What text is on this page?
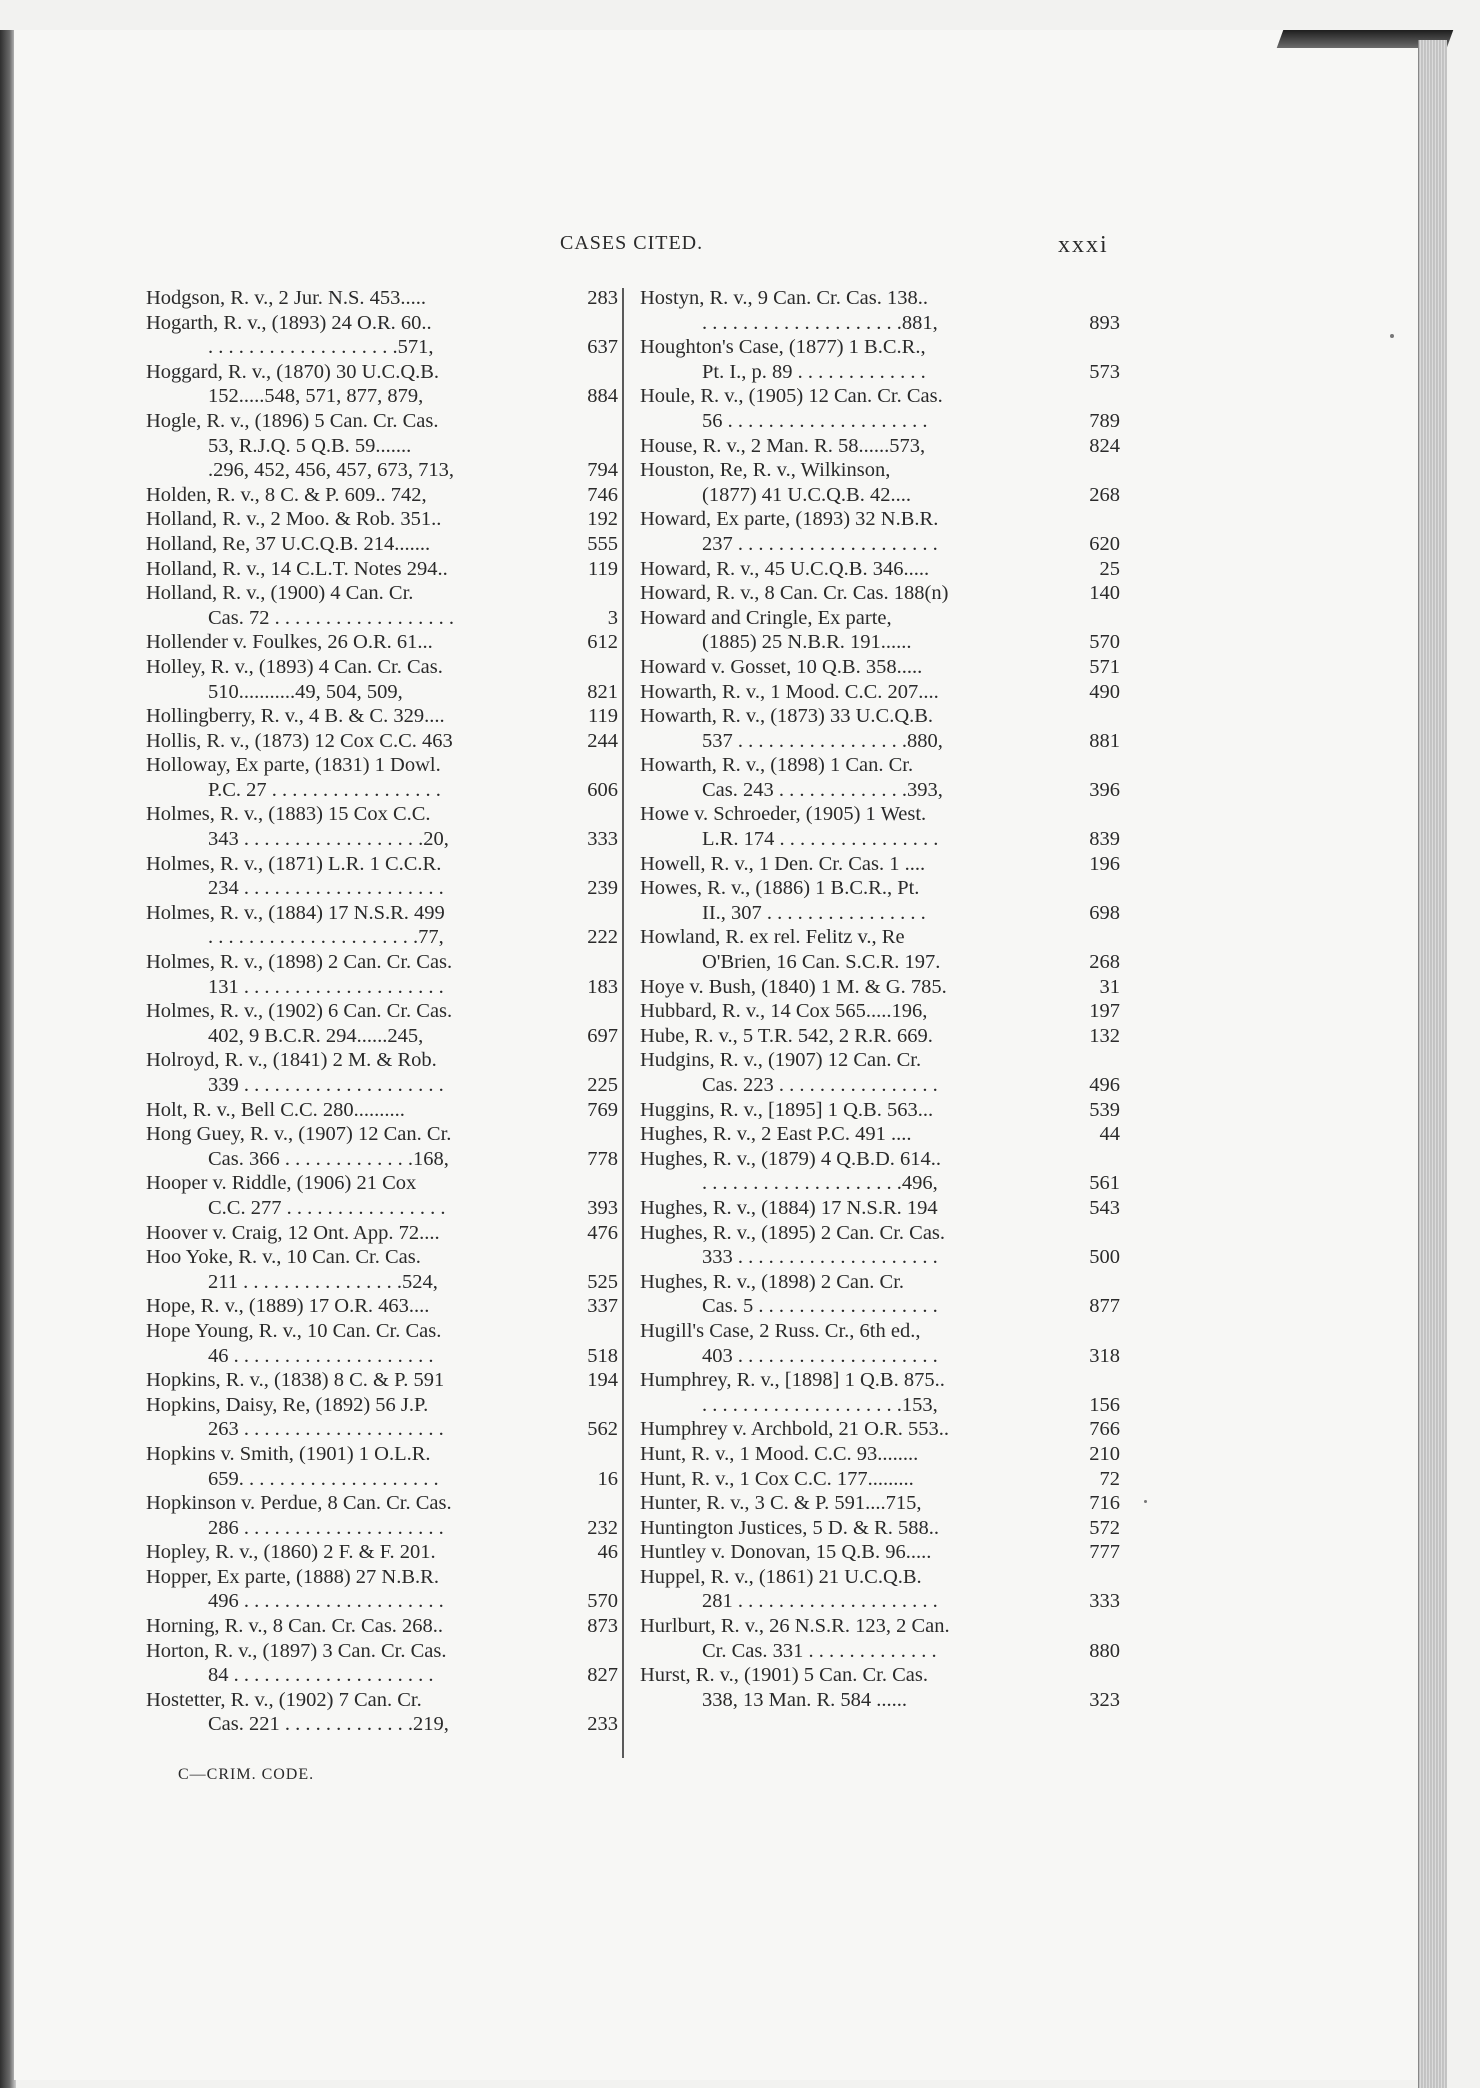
CASES CITED.	xxxi
Hodgson, R. v., 2 Jur. N.S. 453.....	283
Hogarth, R. v., (1893) 24 O.R. 60..
. . . . . . . . . . . . . . . . . . .571,	637
Hoggard, R. v., (1870) 30 U.C.Q.B.
152.....548, 571, 877, 879,	884
Hogle, R. v., (1896) 5 Can. Cr. Cas.
53, R.J.Q. 5 Q.B. 59.......
.296, 452, 456, 457, 673, 713,	794
Holden, R. v., 8 C. & P. 609.. 742,	746
Holland, R. v., 2 Moo. & Rob. 351..	192
Holland, Re, 37 U.C.Q.B. 214.......	555
Holland, R. v., 14 C.L.T. Notes 294..	119
Holland, R. v., (1900) 4 Can. Cr.
Cas. 72 . . . . . . . . . . . . . . . . . .	3
Hollender v. Foulkes, 26 O.R. 61...	612
Holley, R. v., (1893) 4 Can. Cr. Cas.
510...........49, 504, 509,	821
Hollingberry, R. v., 4 B. & C. 329....	119
Hollis, R. v., (1873) 12 Cox C.C. 463	244
Holloway, Ex parte, (1831) 1 Dowl.
P.C. 27 . . . . . . . . . . . . . . . . .	606
Holmes, R. v., (1883) 15 Cox C.C.
343 . . . . . . . . . . . . . . . . . .20,	333
Holmes, R. v., (1871) L.R. 1 C.C.R.
234 . . . . . . . . . . . . . . . . . . . .	239
Holmes, R. v., (1884) 17 N.S.R. 499
. . . . . . . . . . . . . . . . . . . . .77,	222
Holmes, R. v., (1898) 2 Can. Cr. Cas.
131 . . . . . . . . . . . . . . . . . . . .	183
Holmes, R. v., (1902) 6 Can. Cr. Cas.
402, 9 B.C.R. 294......245,	697
Holroyd, R. v., (1841) 2 M. & Rob.
339 . . . . . . . . . . . . . . . . . . . .	225
Holt, R. v., Bell C.C. 280..........	769
Hong Guey, R. v., (1907) 12 Can. Cr.
Cas. 366 . . . . . . . . . . . . .168,	778
Hooper v. Riddle, (1906) 21 Cox
C.C. 277 . . . . . . . . . . . . . . . .	393
Hoover v. Craig, 12 Ont. App. 72....	476
Hoo Yoke, R. v., 10 Can. Cr. Cas.
211 . . . . . . . . . . . . . . . .524,	525
Hope, R. v., (1889) 17 O.R. 463....	337
Hope Young, R. v., 10 Can. Cr. Cas.
46 . . . . . . . . . . . . . . . . . . . .	518
Hopkins, R. v., (1838) 8 C. & P. 591	194
Hopkins, Daisy, Re, (1892) 56 J.P.
263 . . . . . . . . . . . . . . . . . . . .	562
Hopkins v. Smith, (1901) 1 O.L.R.
659. . . . . . . . . . . . . . . . . . . .	16
Hopkinson v. Perdue, 8 Can. Cr. Cas.
286 . . . . . . . . . . . . . . . . . . . .	232
Hopley, R. v., (1860) 2 F. & F. 201.	46
Hopper, Ex parte, (1888) 27 N.B.R.
496 . . . . . . . . . . . . . . . . . . . .	570
Horning, R. v., 8 Can. Cr. Cas. 268..	873
Horton, R. v., (1897) 3 Can. Cr. Cas.
84 . . . . . . . . . . . . . . . . . . . .	827
Hostetter, R. v., (1902) 7 Can. Cr.
Cas. 221 . . . . . . . . . . . . .219,	233
Hostyn, R. v., 9 Can. Cr. Cas. 138..
. . . . . . . . . . . . . . . . . . . .881,	893
Houghton's Case, (1877) 1 B.C.R.,
Pt. I., p. 89 . . . . . . . . . . . . .	573
Houle, R. v., (1905) 12 Can. Cr. Cas.
56 . . . . . . . . . . . . . . . . . . . .	789
House, R. v., 2 Man. R. 58......573,	824
Houston, Re, R. v., Wilkinson,
(1877) 41 U.C.Q.B. 42....	268
Howard, Ex parte, (1893) 32 N.B.R.
237 . . . . . . . . . . . . . . . . . . . .	620
Howard, R. v., 45 U.C.Q.B. 346.....	25
Howard, R. v., 8 Can. Cr. Cas. 188(n)	140
Howard and Cringle, Ex parte,
(1885) 25 N.B.R. 191......	570
Howard v. Gosset, 10 Q.B. 358.....	571
Howarth, R. v., 1 Mood. C.C. 207....	490
Howarth, R. v., (1873) 33 U.C.Q.B.
537 . . . . . . . . . . . . . . . . .880,	881
Howarth, R. v., (1898) 1 Can. Cr.
Cas. 243 . . . . . . . . . . . . .393,	396
Howe v. Schroeder, (1905) 1 West.
L.R. 174 . . . . . . . . . . . . . . . .	839
Howell, R. v., 1 Den. Cr. Cas. 1 ....	196
Howes, R. v., (1886) 1 B.C.R., Pt.
II., 307 . . . . . . . . . . . . . . . .	698
Howland, R. ex rel. Felitz v., Re
O'Brien, 16 Can. S.C.R. 197.	268
Hoye v. Bush, (1840) 1 M. & G. 785.	31
Hubbard, R. v., 14 Cox 565.....196,	197
Hube, R. v., 5 T.R. 542, 2 R.R. 669.	132
Hudgins, R. v., (1907) 12 Can. Cr.
Cas. 223 . . . . . . . . . . . . . . . .	496
Huggins, R. v., [1895] 1 Q.B. 563...	539
Hughes, R. v., 2 East P.C. 491 ....	44
Hughes, R. v., (1879) 4 Q.B.D. 614..
. . . . . . . . . . . . . . . . . . . .496,	561
Hughes, R. v., (1884) 17 N.S.R. 194	543
Hughes, R. v., (1895) 2 Can. Cr. Cas.
333 . . . . . . . . . . . . . . . . . . . .	500
Hughes, R. v., (1898) 2 Can. Cr.
Cas. 5 . . . . . . . . . . . . . . . . . .	877
Hugill's Case, 2 Russ. Cr., 6th ed.,
403 . . . . . . . . . . . . . . . . . . . .	318
Humphrey, R. v., [1898] 1 Q.B. 875..
. . . . . . . . . . . . . . . . . . . .153,	156
Humphrey v. Archbold, 21 O.R. 553..	766
Hunt, R. v., 1 Mood. C.C. 93........	210
Hunt, R. v., 1 Cox C.C. 177.........	72
Hunter, R. v., 3 C. & P. 591....715,	716
Huntington Justices, 5 D. & R. 588..	572
Huntley v. Donovan, 15 Q.B. 96.....	777
Huppel, R. v., (1861) 21 U.C.Q.B.
281 . . . . . . . . . . . . . . . . . . . .	333
Hurlburt, R. v., 26 N.S.R. 123, 2 Can.
Cr. Cas. 331 . . . . . . . . . . . . .	880
Hurst, R. v., (1901) 5 Can. Cr. Cas.
338, 13 Man. R. 584 ......	323
C—CRIM. CODE.
